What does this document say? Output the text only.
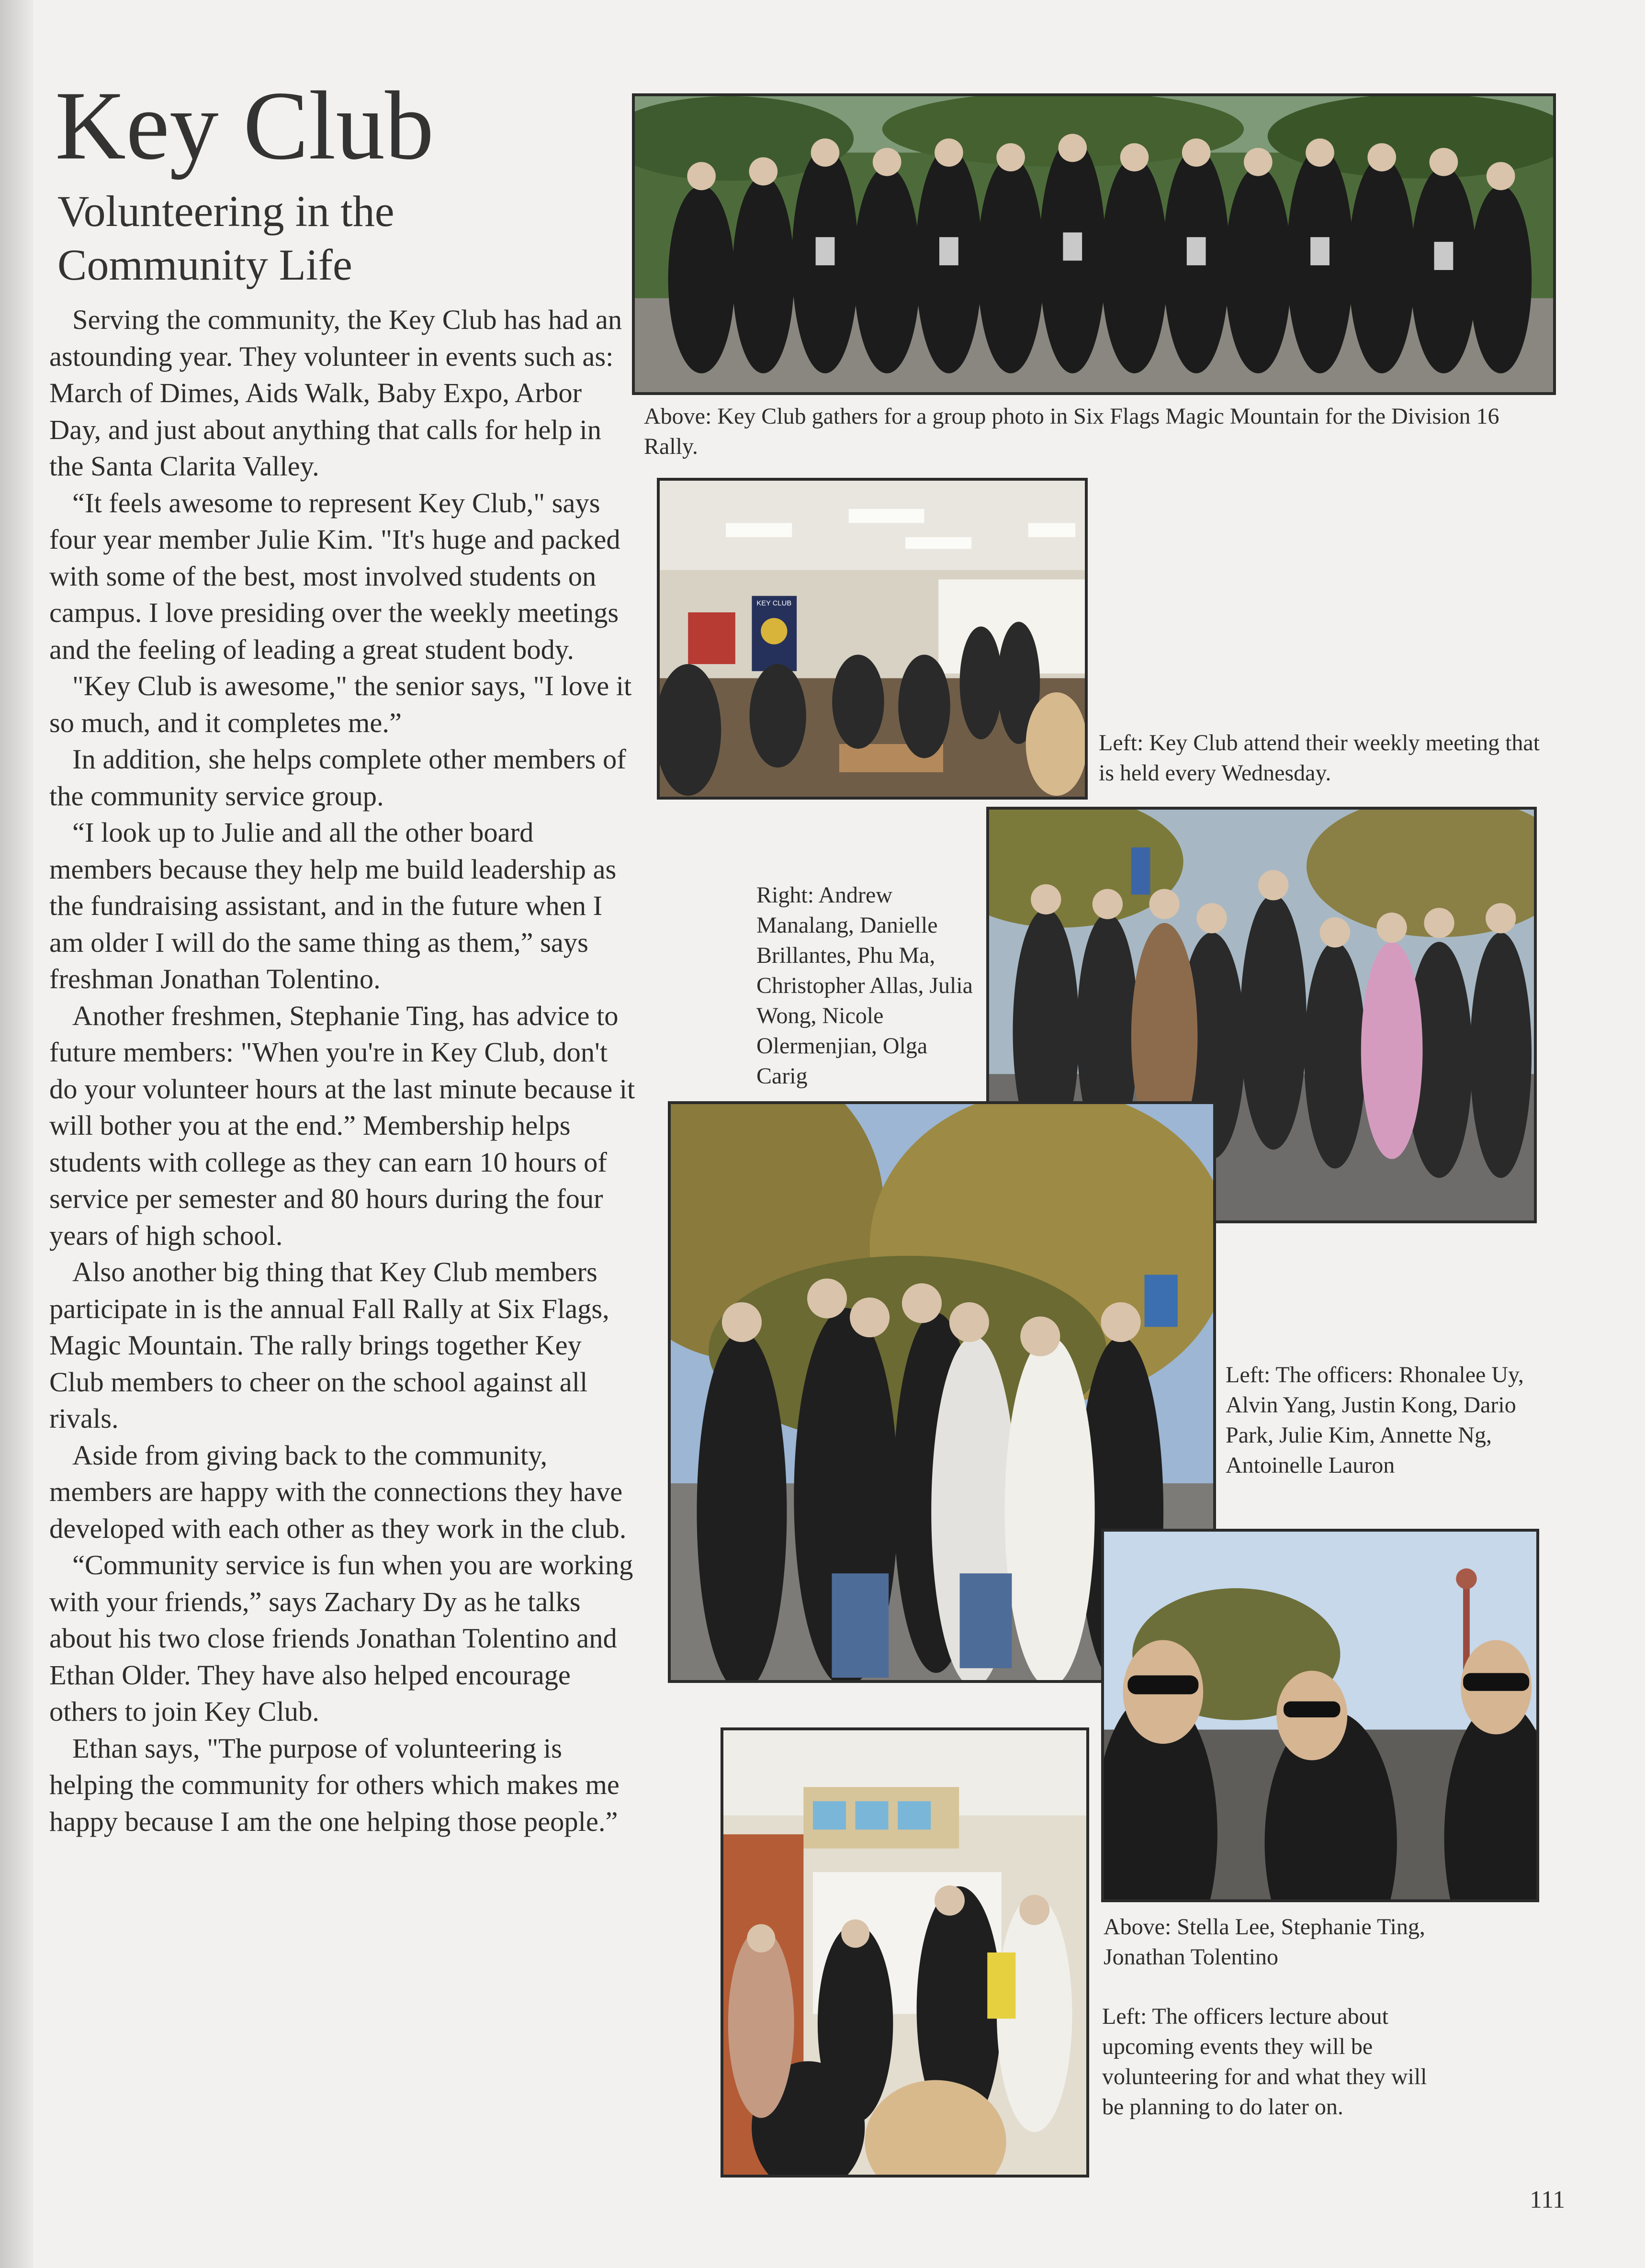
Key Club
Volunteering in the Community Life

Serving the community, the Key Club has had an astounding year. They volunteer in events such as: March of Dimes, Aids Walk, Baby Expo, Arbor Day, and just about anything that calls for help in the Santa Clarita Valley.

“It feels awesome to represent Key Club," says four year member Julie Kim. "It's huge and packed with some of the best, most involved students on campus. I love presiding over the weekly meetings and the feeling of leading a great student body.

"Key Club is awesome," the senior says, "I love it so much, and it completes me.”

In addition, she helps complete other members of the community service group.

“I look up to Julie and all the other board members because they help me build leadership as the fundraising assistant, and in the future when I am older I will do the same thing as them,” says freshman Jonathan Tolentino.

Another freshmen, Stephanie Ting, has advice to future members: "When you're in Key Club, don't do your volunteer hours at the last minute because it will bother you at the end.” Membership helps students with college as they can earn 10 hours of service per semester and 80 hours during the four years of high school.

Also another big thing that Key Club members participate in is the annual Fall Rally at Six Flags, Magic Mountain. The rally brings together Key Club members to cheer on the school against all rivals.

Aside from giving back to the community, members are happy with the connections they have developed with each other as they work in the club.

“Community service is fun when you are working with your friends,” says Zachary Dy as he talks about his two close friends Jonathan Tolentino and Ethan Older. They have also helped encourage others to join Key Club.

Ethan says, "The purpose of volunteering is helping the community for others which makes me happy because I am the one helping those people.”

Above: Key Club gathers for a group photo in Six Flags Magic Mountain for the Division 16 Rally.

KEY CLUB

Left: Key Club attend their weekly meeting that is held every Wednesday.

Right: Andrew Manalang, Danielle Brillantes, Phu Ma, Christopher Allas, Julia Wong, Nicole Olermenjian, Olga Carig

Left: The officers: Rhonalee Uy, Alvin Yang, Justin Kong, Dario Park, Julie Kim, Annette Ng, Antoinelle Lauron

Above: Stella Lee, Stephanie Ting, Jonathan Tolentino

Left: The officers lecture about upcoming events they will be volunteering for and what they will be planning to do later on.

111
